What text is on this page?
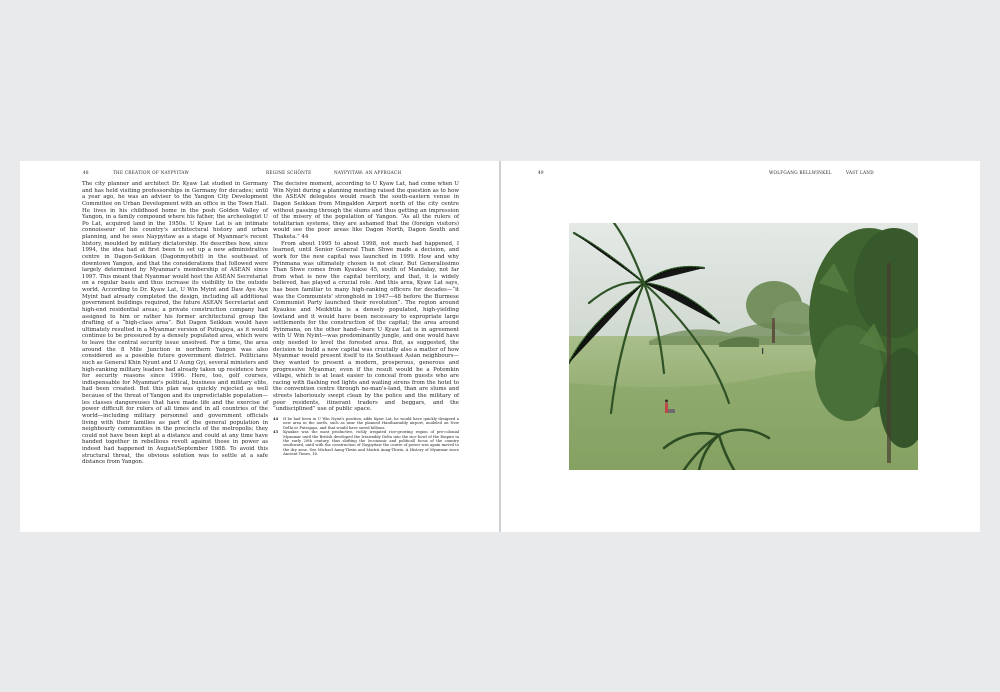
48	THE CREATION OF NAYPYITAW	REGINE SCHÖNTE	NAYPYITAW: AN APPROACH

The city planner and architect Dr. Kyaw Lat studied in Germany and has held visiting professorships in Germany for decades; until a year ago, he was an adviser to the Yangon City Development Committee on Urban Development with an office in the Town Hall. He lives in his childhood home in the posh Golden Valley of Yangon, in a family compound where his father, the archeologist U Po Lat, acquired land in the 1950s. U Kyaw Lat is an intimate connoisseur of his country's architectural history and urban planning, and he sees Naypyitaw as a stage of Myanmar's recent history, moulded by military dictatorship. He describes how, since 1994, the idea had at first been to set up a new administrative centre in Dagon-Seikkan (Dagonmyothit) in the southeast of downtown Yangon, and that the considerations that followed were largely determined by Myanmar's membership of ASEAN since 1997. This meant that Nyanmar would host the ASEAN Secretariat on a regular basis and thus increase its visibility to the outside world. According to Dr. Kyaw Lat, U Win Myint and Daw Aye Aye Myint had already completed the design, including all additional government buildings required, the future ASEAN Secretariat and high-end residential areas; a private construction company had assigned to him or rather his former architectural group the drafting of a “high-class area”. But Dagon Seikkan would have ultimately resulted in a Myanmar version of Putrajaya, as it would continue to be pressured by a densely populated area, which were to leave the central security issue unsolved. For a time, the area around the 8 Mile Junction in northern Yangon was also considered as a possible future government district. Politicians such as General Khin Nyunt and U Aung Gyi, several ministers and high-ranking military leaders had already taken up residence here for security reasons since 1996. Here, too, golf courses, indispensable for Myanmar's political, business and military elite, had been created. But this plan was quickly rejected as well because of the threat of Yangon and its unpredictable population—les classes dangereuses that have made life and the exercise of power difficult for rulers of all times and in all countries of the world—including military personnel and government officials living with their families as part of the general population in neighbourly communities in the precincts of the metropolis; they could not have been kept at a distance and could at any time have banded together in rebellious revolt against those in power as indeed had happened in August/September 1988. To avoid this structural threat, the obvious solution was to settle at a safe distance from Yangon.

The decisive moment, according to U Kyaw Lat, had come when U Win Nyint during a planning meeting raised the question as to how the ASEAN delegates would reach the south-eastern venue in Dagon Seikkan from Mingaldon Airport north of the city centre without passing through the slums and thus getting an impression of the misery of the population of Yangon. “As all the rulers of totalitarian systems, they are ashamed that the (foreign visitors) would see the poor areas like Dagon North, Dagon South and Thaketa.” 44

From about 1995 to about 1998, not much had happened, I learned, until Senior General Than Shwe made a decision, and work for the new capital was launched in 1999. How and why Pyinmana was ultimately chosen is not clear. But Generalissimo Than Shwe comes from Kyaukse 45, south of Mandalay, not far from what is now the capital territory, and that, it is widely believed, has played a crucial role. And this area, Kyaw Lat says, has been familiar to many high-ranking officers for decades—“it was the Communists' stronghold in 1947—48 before the Burmese Communist Party launched their revolution”. The region around Kyaukse and Meikhtila is a densely populated, high-yielding lowland and it would have been necessary to expropriate large settlements for the construction of the capital; the area around Pyinmana, on the other hand—here U Kyaw Lat is in agreement with U Win Nyint—was predominantly jungle, and one would have only needed to level the forested area. But, as suggested, the decision to build a new capital was crucially also a matter of how Myanmar would present itself to its Southeast Asian neighbours—they wanted to present a modern, prosperous, generous and progressive Myanmar, even if the result would be a Potemkin village, which is at least easier to conceal from guests who are racing with flashing red lights and wailing sirens from the hotel to the convention centre through no-man's-land, than are slums and streets laboriously swept clean by the police and the military of poor residents, itinerant traders and beggars, and the “undisciplined” use of public space.

44 If he had been in U Win Nyint's position, adds Kyaw Lat, he would have quickly designed a new area in the north, such as near the planned Hanthawaddy airport, modeled on New Delhi or Putrajaya, and that would have saved billions.
45 Kyaukse was the most productive, richly irrigated rice-growing region of pre-colonial Myanmar until the British developed the Irrawaddy Delta into the rice bowl of the Empire in the early 20th century, thus shifting the (economic and political) focus of the country southward, until with the construction of Naypyitaw the centre of power was again moved to the dry zone. See Michael Aung-Thwin and Maitrii Aung-Thwin, A History of Myanmar since Ancient Times, 16.
49	WOLFGANG BELLWINKEL	VAST LAND
